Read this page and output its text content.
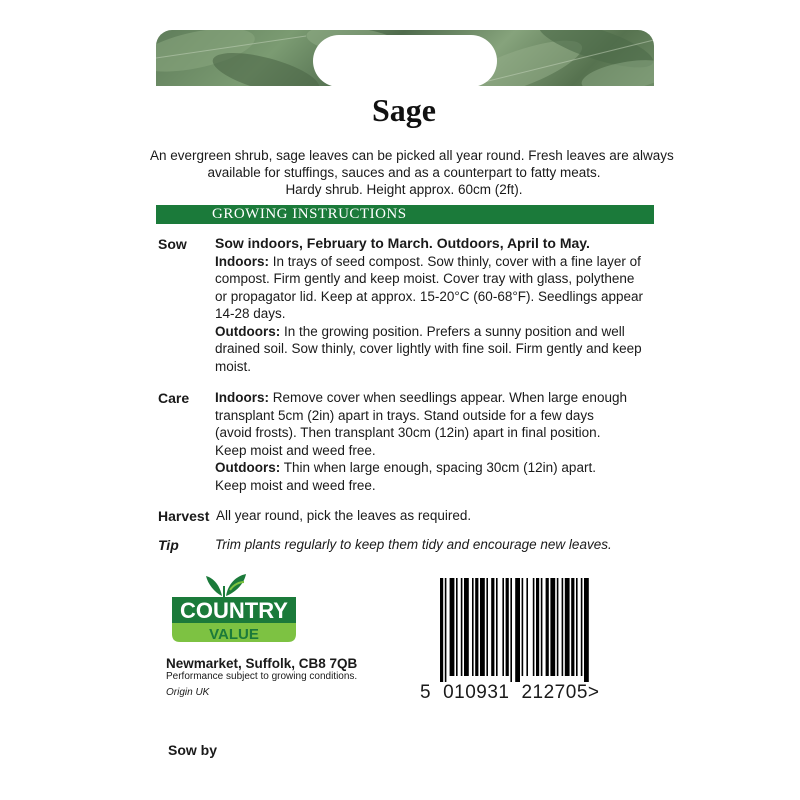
Sage
An evergreen shrub, sage leaves can be picked all year round. Fresh leaves are always
available for stuffings, sauces and as a counterpart to fatty meats.
Hardy shrub. Height approx. 60cm (2ft).
GROWING INSTRUCTIONS
Sow Sow indoors, February to March. Outdoors, April to May.
Indoors: In trays of seed compost. Sow thinly, cover with a fine layer of
compost. Firm gently and keep moist. Cover tray with glass, polythene
or propagator lid. Keep at approx. 15-20°C (60-68°F). Seedlings appear
14-28 days.
Outdoors: In the growing position. Prefers a sunny position and well
drained soil. Sow thinly, cover lightly with fine soil. Firm gently and keep
moist.
Care Indoors: Remove cover when seedlings appear. When large enough
transplant 5cm (2in) apart in trays. Stand outside for a few days
(avoid frosts). Then transplant 30cm (12in) apart in final position.
Keep moist and weed free.
Outdoors: Thin when large enough, spacing 30cm (12in) apart.
Keep moist and weed free.
Harvest All year round, pick the leaves as required.
Tip	Trim plants regularly to keep them tidy and encourage new leaves.
COUNTRY
VALUE
Newmarket, Suffolk, CB8 7QB
Performance subject to growing conditions.
Origin UK	5 010931 212705>
Sow by
